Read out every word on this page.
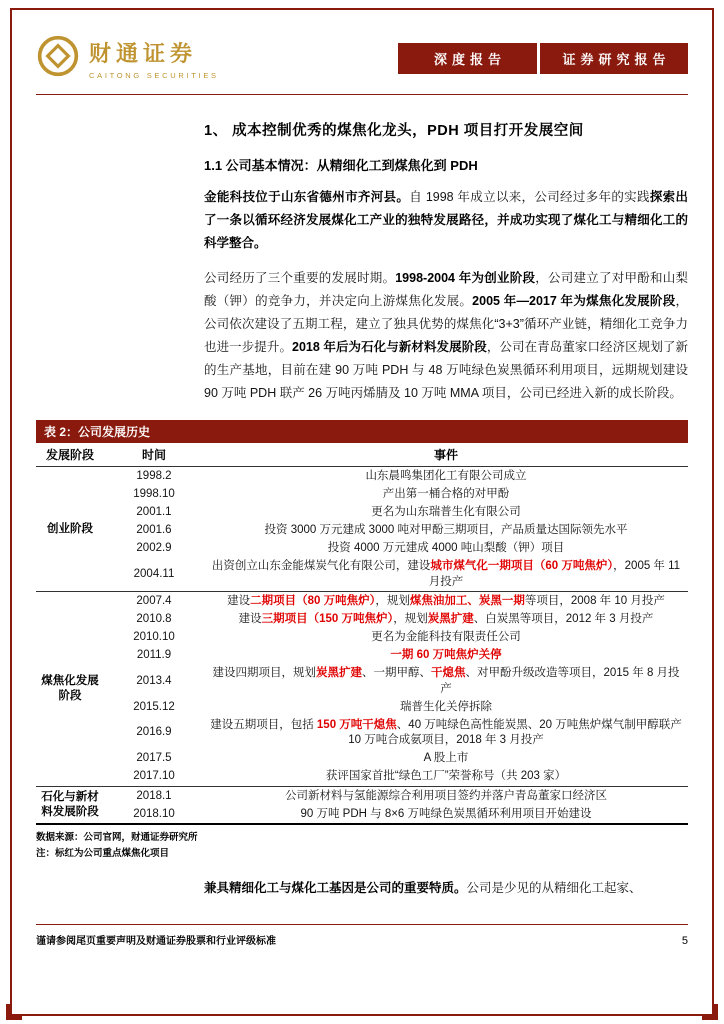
财通证券
CAITONG SECURITIES
深度报告	证券研究报告
1、 成本控制优秀的煤焦化龙头，PDH 项目打开发展空间
1.1 公司基本情况：从精细化工到煤焦化到 PDH

金能科技位于山东省德州市齐河县。自 1998 年成立以来，公司经过多年的实践探索出了一条以循环经济发展煤化工产业的独特发展路径，并成功实现了煤化工与精细化工的科学整合。

公司经历了三个重要的发展时期。1998-2004 年为创业阶段，公司建立了对甲酚和山梨酸（钾）的竞争力，并决定向上游煤焦化发展。2005 年—2017 年为煤焦化发展阶段，公司依次建设了五期工程，建立了独具优势的煤焦化“3+3”循环产业链，精细化工竞争力也进一步提升。2018 年后为石化与新材料发展阶段，公司在青岛董家口经济区规划了新的生产基地，目前在建 90 万吨 PDH 与 48 万吨绿色炭黑循环利用项目，远期规划建设 90 万吨 PDH 联产 26 万吨丙烯腈及 10 万吨 MMA 项目，公司已经进入新的成长阶段。

表 2：公司发展历史
发展阶段	时间	事件
创业阶段	1998.2	山东晨鸣集团化工有限公司成立
	1998.10	产出第一桶合格的对甲酚
	2001.1	更名为山东瑞普生化有限公司
	2001.6	投资 3000 万元建成 3000 吨对甲酚三期项目，产品质量达国际领先水平
	2002.9	投资 4000 万元建成 4000 吨山梨酸（钾）项目
	2004.11	出资创立山东金能煤炭气化有限公司，建设城市煤气化一期项目（60 万吨焦炉），2005 年 11 月投产
煤焦化发展阶段	2007.4	建设二期项目（80 万吨焦炉），规划煤焦油加工、炭黑一期等项目，2008 年 10 月投产
	2010.8	建设三期项目（150 万吨焦炉），规划炭黑扩建、白炭黑等项目，2012 年 3 月投产
	2010.10	更名为金能科技有限责任公司
	2011.9	一期 60 万吨焦炉关停
	2013.4	建设四期项目，规划炭黑扩建、一期甲醇、干熄焦、对甲酚升级改造等项目，2015 年 8 月投产
	2015.12	瑞普生化关停拆除
	2016.9	建设五期项目，包括 150 万吨干熄焦、40 万吨绿色高性能炭黑、20 万吨焦炉煤气制甲醇联产 10 万吨合成氨项目，2018 年 3 月投产
	2017.5	A 股上市
	2017.10	获评国家首批“绿色工厂”荣誉称号（共 203 家）
石化与新材料发展阶段	2018.1	公司新材料与氢能源综合利用项目签约并落户青岛董家口经济区
	2018.10	90 万吨 PDH 与 8×6 万吨绿色炭黑循环利用项目开始建设
数据来源：公司官网，财通证券研究所
注：标红为公司重点煤焦化项目

兼具精细化工与煤化工基因是公司的重要特质。公司是少见的从精细化工起家、

谨请参阅尾页重要声明及财通证券股票和行业评级标准	5
